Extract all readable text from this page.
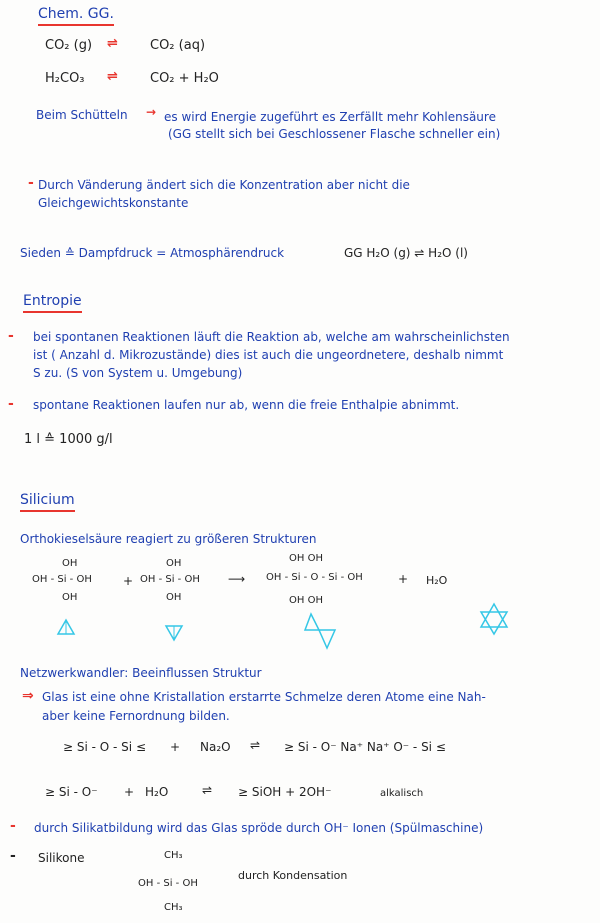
Chem. GG.
CO₂ (g) ⇌ CO₂ (aq)
H₂CO₃ ⇌ CO₂ + H₂O
Beim Schütteln → es wird Energie zugeführt es Zerfällt mehr Kohlensäure
(GG stellt sich bei Geschlossener Flasche schneller ein)
- Durch Vänderung ändert sich die Konzentration aber nicht die
Gleichgewichtskonstante
Sieden ≙ Dampfdruck = Atmosphärendruck	GG H₂O (g) ⇌ H₂O (l)
Entropie
- bei spontanen Reaktionen läuft die Reaktion ab, welche am wahrscheinlichsten
ist ( Anzahl d. Mikrozustände) dies ist auch die ungeordnetere, deshalb nimmt
S zu. (S von System u. Umgebung)
- spontane Reaktionen laufen nur ab, wenn die freie Enthalpie abnimmt.
1 l ≙ 1000 g/l
Silicium
Orthokieselsäure reagiert zu größeren Strukturen
OH
OH - Si - OH
OH
+
OH
OH - Si - OH
OH
⟶
OH OH
OH - Si - O - Si - OH
OH OH
+ H₂O
Netzwerkwandler: Beeinflussen Struktur
⇒ Glas ist eine ohne Kristallation erstarrte Schmelze deren Atome eine Nah-
aber keine Fernordnung bilden.
≥ Si - O - Si ≤ + Na₂O ⇌ ≥ Si - O⁻ Na⁺ Na⁺ O⁻ - Si ≤
≥ Si - O⁻ + H₂O	⇌ ≥ SiOH + 2OH⁻	alkalisch
- durch Silikatbildung wird das Glas spröde durch OH⁻ Ionen (Spülmaschine)
- Silikone	CH₃
OH - Si - OH
CH₃
durch Kondensation
